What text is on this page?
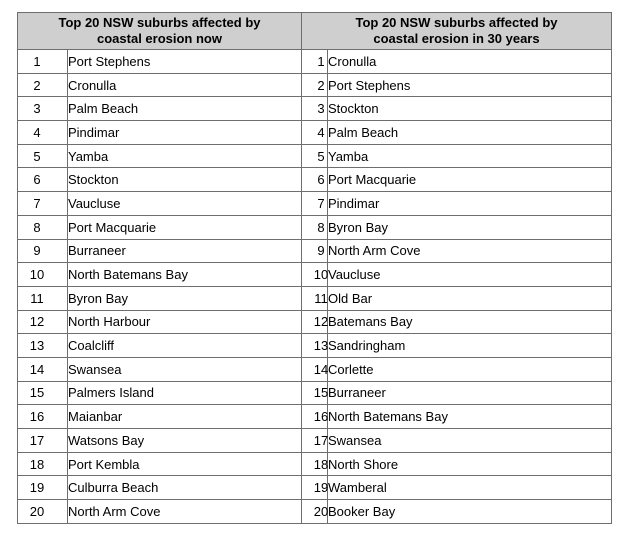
Top 20 NSW suburbs affected by coastal erosion now		Top 20 NSW suburbs affected by coastal erosion in 30 years	
1	Port Stephens	1	Cronulla
2	Cronulla	2	Port Stephens
3	Palm Beach	3	Stockton
4	Pindimar	4	Palm Beach
5	Yamba	5	Yamba
6	Stockton	6	Port Macquarie
7	Vaucluse	7	Pindimar
8	Port Macquarie	8	Byron Bay
9	Burraneer	9	North Arm Cove
10	North Batemans Bay	10	Vaucluse
11	Byron Bay	11	Old Bar
12	North Harbour	12	Batemans Bay
13	Coalcliff	13	Sandringham
14	Swansea	14	Corlette
15	Palmers Island	15	Burraneer
16	Maianbar	16	North Batemans Bay
17	Watsons Bay	17	Swansea
18	Port Kembla	18	North Shore
19	Culburra Beach	19	Wamberal
20	North Arm Cove	20	Booker Bay
